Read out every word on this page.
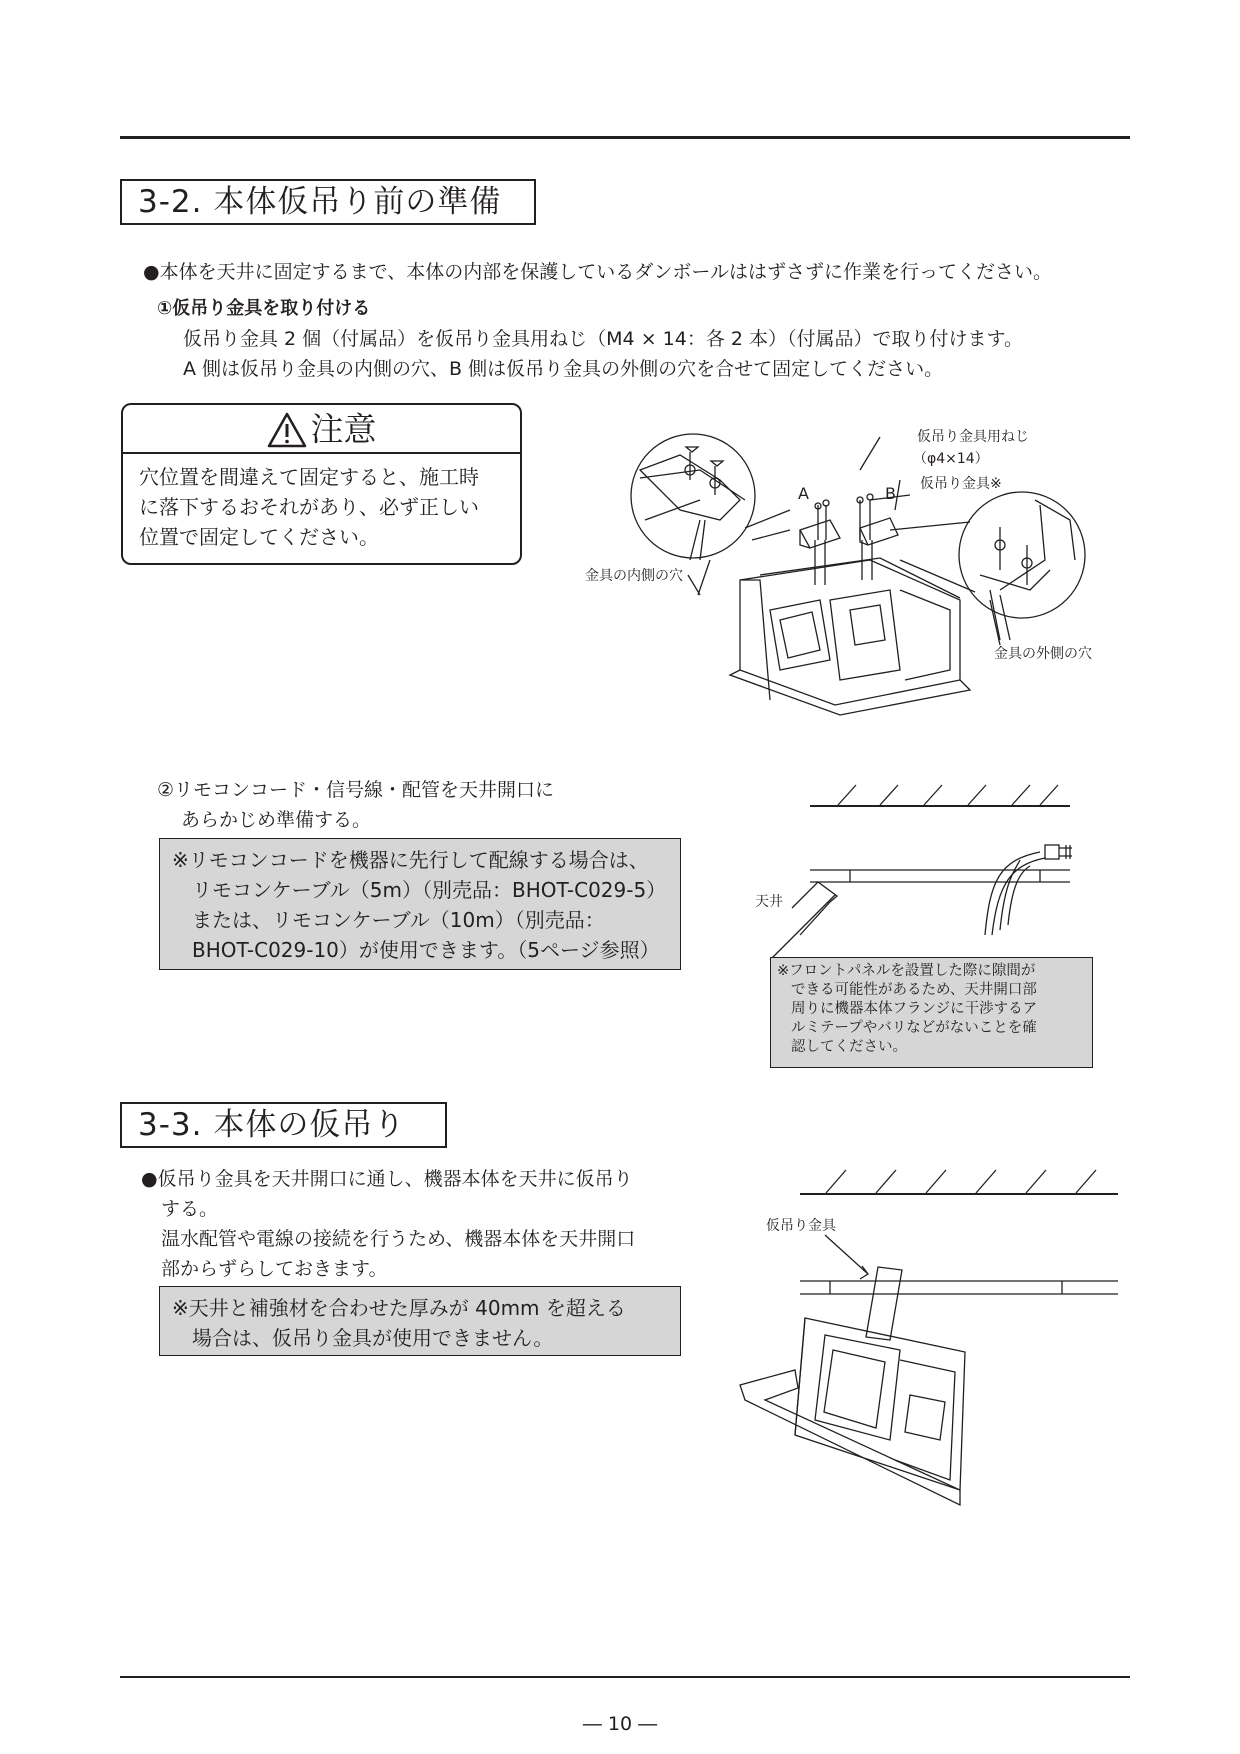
3-2. 本体仮吊り前の準備
●本体を天井に固定するまで、本体の内部を保護しているダンボールははずさずに作業を行ってください。
①仮吊り金具を取り付ける
仮吊り金具 2 個（付属品）を仮吊り金具用ねじ（M4 × 14：各 2 本）（付属品）で取り付けます。
A 側は仮吊り金具の内側の穴、B 側は仮吊り金具の外側の穴を合せて固定してください。
注意
穴位置を間違えて固定すると、施工時
に落下するおそれがあり、必ず正しい
位置で固定してください。
仮吊り金具用ねじ
（φ4×14）
仮吊り金具※
A	B
金具の内側の穴
金具の外側の穴
②リモコンコード・信号線・配管を天井開口に
あらかじめ準備する。
※リモコンコードを機器に先行して配線する場合は、
リモコンケーブル（5m）（別売品：BHOT-C029-5）
または、リモコンケーブル（10m）（別売品：
BHOT-C029-10）が使用できます。（5ページ参照）
天井
※フロントパネルを設置した際に隙間が
できる可能性があるため、天井開口部
周りに機器本体フランジに干渉するア
ルミテープやバリなどがないことを確
認してください。
3-3. 本体の仮吊り
●仮吊り金具を天井開口に通し、機器本体を天井に仮吊り
する。
温水配管や電線の接続を行うため、機器本体を天井開口
部からずらしておきます。
※天井と補強材を合わせた厚みが 40mm を超える
場合は、仮吊り金具が使用できません。
仮吊り金具
― 10 ―
